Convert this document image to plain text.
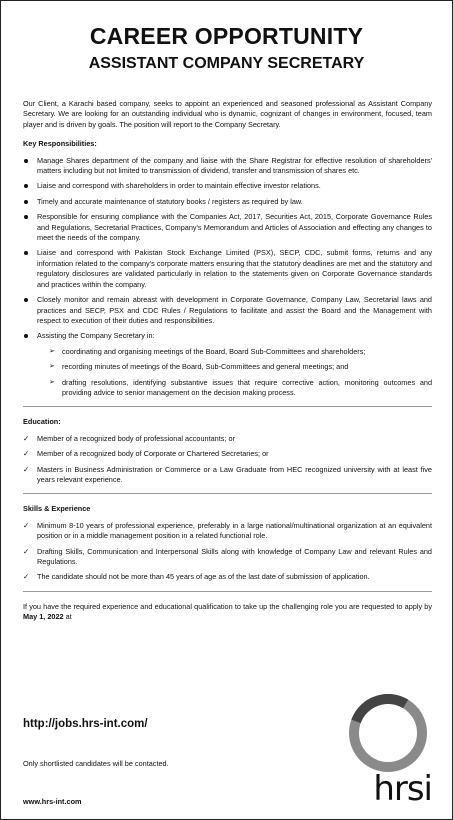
CAREER OPPORTUNITY
ASSISTANT COMPANY SECRETARY

Our Client, a Karachi based company, seeks to appoint an experienced and seasoned professional as Assistant Company Secretary. We are looking for an outstanding individual who is dynamic, cognizant of changes in environment, focused, team player and is driven by goals. The position will report to the Company Secretary.

Key Responsibilities:
Manage Shares department of the company and liaise with the Share Registrar for effective resolution of shareholders' matters including but not limited to transmission of dividend, transfer and transmission of shares etc.
Liaise and correspond with shareholders in order to maintain effective investor relations.
Timely and accurate maintenance of statutory books / registers as required by law.
Responsible for ensuring compliance with the Companies Act, 2017, Securities Act, 2015, Corporate Governance Rules and Regulations, Secretarial Practices, Company's Memorandum and Articles of Association and effecting any changes to meet the needs of the company.
Liaise and correspond with Pakistan Stock Exchange Limited (PSX), SECP, CDC, submit forms, returns and any information related to the company's corporate matters ensuring that the statutory deadlines are met and the statutory and regulatory disclosures are validated particularly in relation to the statements given on Corporate Governance standards and practices within the company.
Closely monitor and remain abreast with development in Corporate Governance, Company Law, Secretarial laws and practices and SECP, PSX and CDC Rules / Regulations to facilitate and assist the Board and the Management with respect to execution of their duties and responsibilities.
Assisting the Company Secretary in:
➢ coordinating and organising meetings of the Board, Board Sub-Committees and shareholders;
➢ recording minutes of meetings of the Board, Sub-Committees and general meetings; and
➢ drafting resolutions, identifying substantive issues that require corrective action, monitoring outcomes and providing advice to senior management on the decision making process.
Education:
✓ Member of a recognized body of professional accountants; or
✓ Member of a recognized body of Corporate or Chartered Secretaries; or
✓ Masters in Business Administration or Commerce or a Law Graduate from HEC recognized university with at least five years relevant experience.
Skills & Experience
✓ Minimum 8-10 years of professional experience, preferably in a large national/multinational organization at an equivalent position or in a middle management position in a related functional role.
✓ Drafting Skills, Communication and Interpersonal Skills along with knowledge of Company Law and relevant Rules and Regulations.
✓ The candidate should not be more than 45 years of age as of the last date of submission of application.

If you have the required experience and educational qualification to take up the challenging role you are requested to apply by May 1, 2022 at

http://jobs.hrs-int.com/
Only shortlisted candidates will be contacted.
www.hrs-int.com	hrsi
